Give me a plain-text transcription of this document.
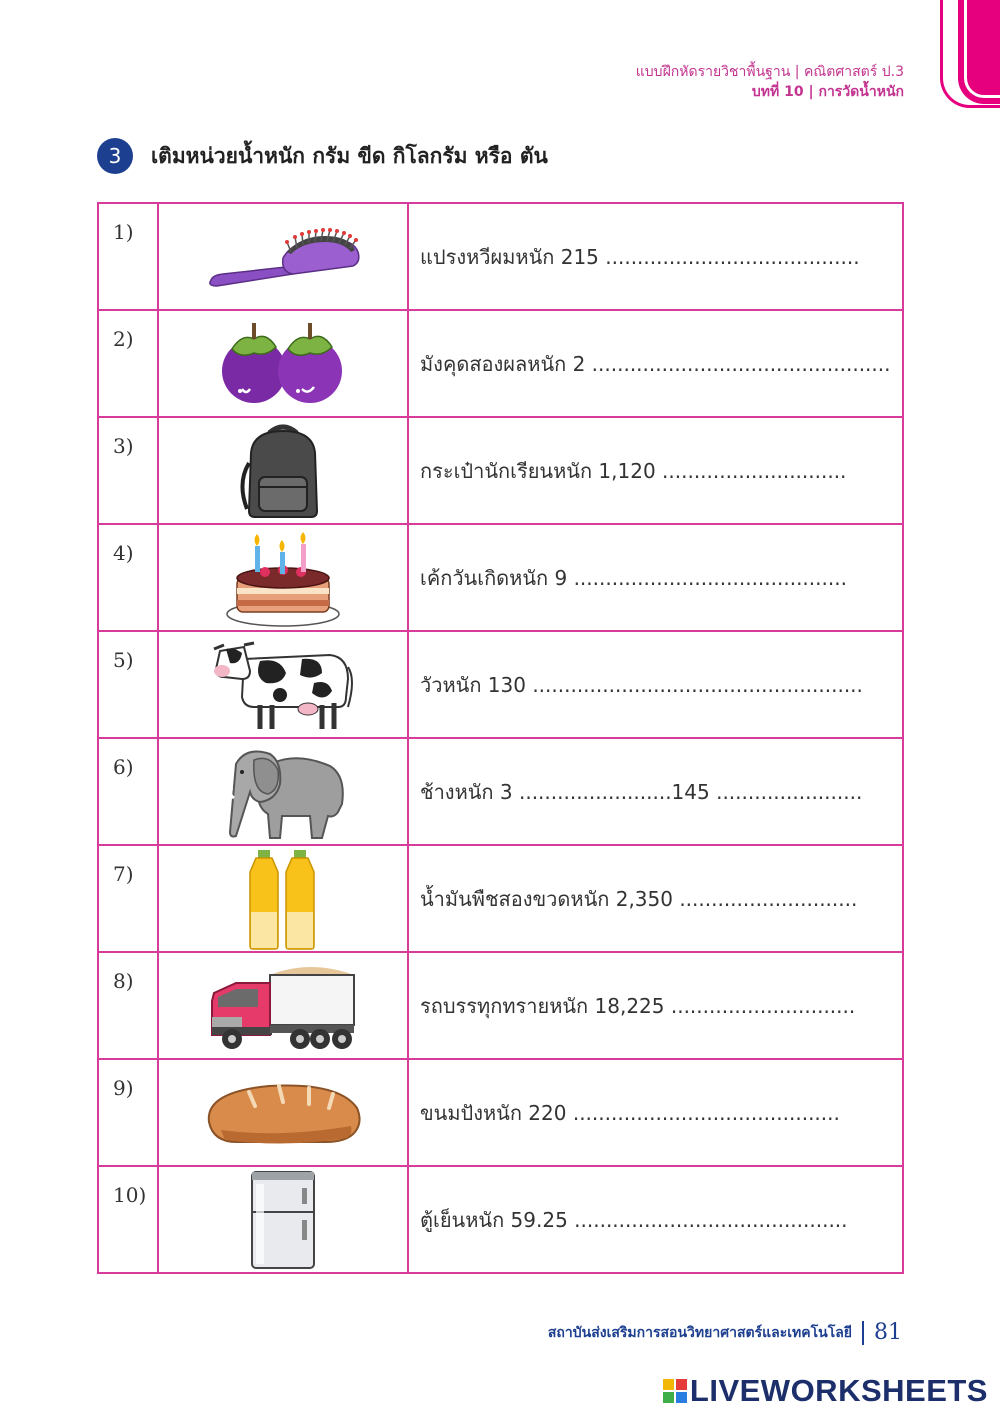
แบบฝึกหัดรายวิชาพื้นฐาน | คณิตศาสตร์ ป.3
บทที่ 10 | การวัดน้ำหนัก
3	เติมหน่วยน้ำหนัก กรัม ขีด กิโลกรัม หรือ ตัน
1)		แปรงหวีผมหนัก 215 ........................................

2)		มังคุดสองผลหนัก 2 ...............................................

3)		กระเป๋านักเรียนหนัก 1,120 .............................

4)		เค้กวันเกิดหนัก 9 ...........................................

5)		วัวหนัก 130 ....................................................

6)		ช้างหนัก 3 ........................145 .......................

7)		น้ำมันพืชสองขวดหนัก 2,350 ............................

8)		รถบรรทุกทรายหนัก 18,225 .............................

9)		ขนมปังหนัก 220 ..........................................

10)		ตู้เย็นหนัก 59.25 ...........................................
สถาบันส่งเสริมการสอนวิทยาศาสตร์และเทคโนโลยี 81
LIVEWORKSHEETS
